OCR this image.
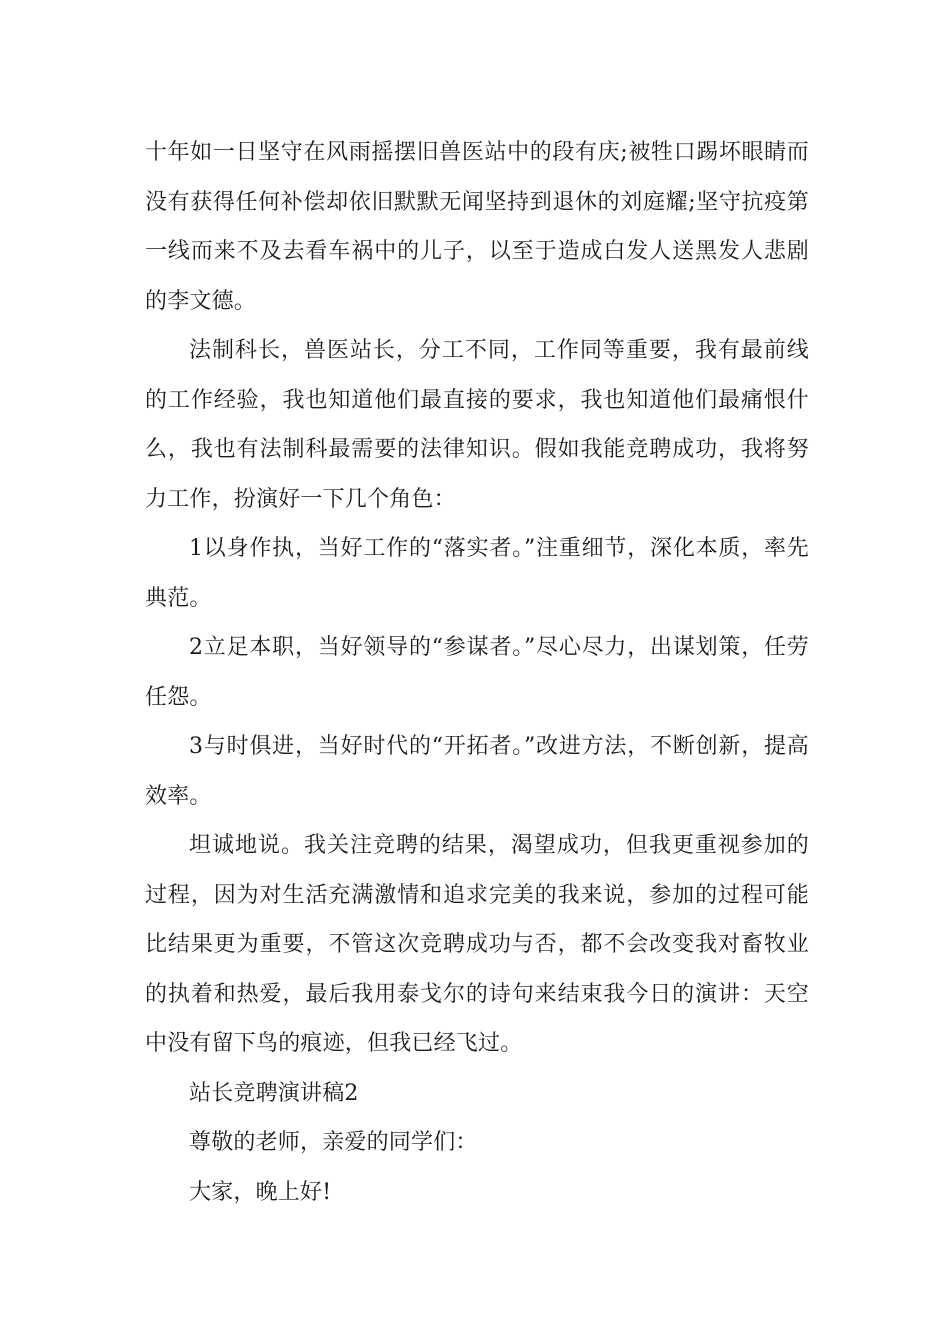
十年如一日坚守在风雨摇摆旧兽医站中的段有庆;被牲口踢坏眼睛而没有获得任何补偿却依旧默默无闻坚持到退休的刘庭耀;坚守抗疫第一线而来不及去看车祸中的儿子，以至于造成白发人送黑发人悲剧的李文德。

法制科长，兽医站长，分工不同，工作同等重要，我有最前线的工作经验，我也知道他们最直接的要求，我也知道他们最痛恨什么，我也有法制科最需要的法律知识。假如我能竞聘成功，我将努力工作，扮演好一下几个角色：

1以身作执，当好工作的“落实者。”注重细节，深化本质，率先典范。

2立足本职，当好领导的“参谋者。”尽心尽力，出谋划策，任劳任怨。

3与时俱进，当好时代的“开拓者。”改进方法，不断创新，提高效率。

坦诚地说。我关注竞聘的结果，渴望成功，但我更重视参加的过程，因为对生活充满激情和追求完美的我来说，参加的过程可能比结果更为重要，不管这次竞聘成功与否，都不会改变我对畜牧业的执着和热爱，最后我用泰戈尔的诗句来结束我今日的演讲：天空中没有留下鸟的痕迹，但我已经飞过。

站长竞聘演讲稿2

尊敬的老师，亲爱的同学们：

大家，晚上好!
